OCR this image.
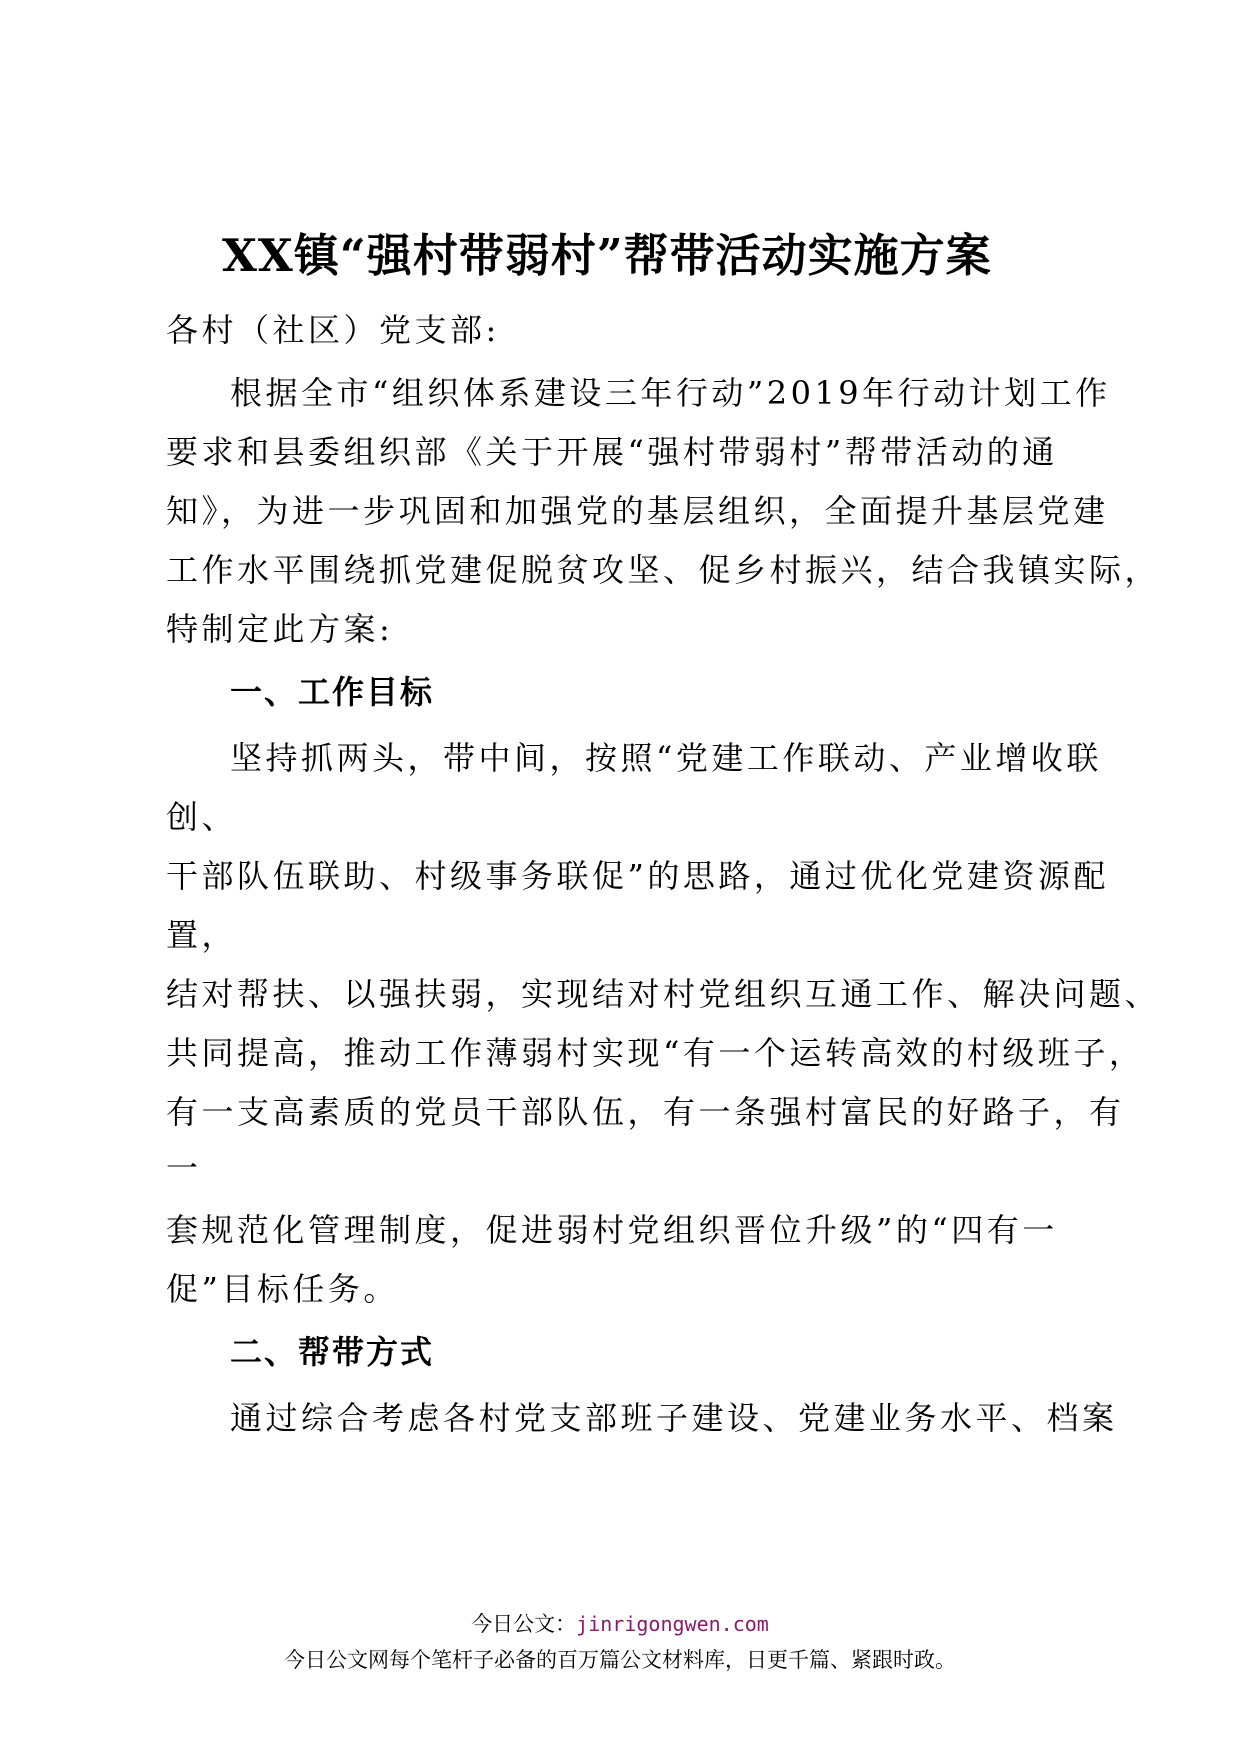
XX镇“强村带弱村”帮带活动实施方案
各村（社区）党支部:
根据全市“组织体系建设三年行动”2019年行动计划工作
要求和县委组织部《关于开展“强村带弱村”帮带活动的通
知》，为进一步巩固和加强党的基层组织，全面提升基层党建
工作水平围绕抓党建促脱贫攻坚、促乡村振兴，结合我镇实际，
特制定此方案:
一、工作目标
坚持抓两头，带中间，按照“党建工作联动、产业增收联
创、
干部队伍联助、村级事务联促”的思路，通过优化党建资源配
置，
结对帮扶、以强扶弱，实现结对村党组织互通工作、解决问题、
共同提高，推动工作薄弱村实现“有一个运转高效的村级班子，
有一支高素质的党员干部队伍，有一条强村富民的好路子，有
一
套规范化管理制度，促进弱村党组织晋位升级”的“四有一
促”目标任务。
二、帮带方式
通过综合考虑各村党支部班子建设、党建业务水平、档案
今日公文：jinrigongwen.com
今日公文网每个笔杆子必备的百万篇公文材料库，日更千篇、紧跟时政。
